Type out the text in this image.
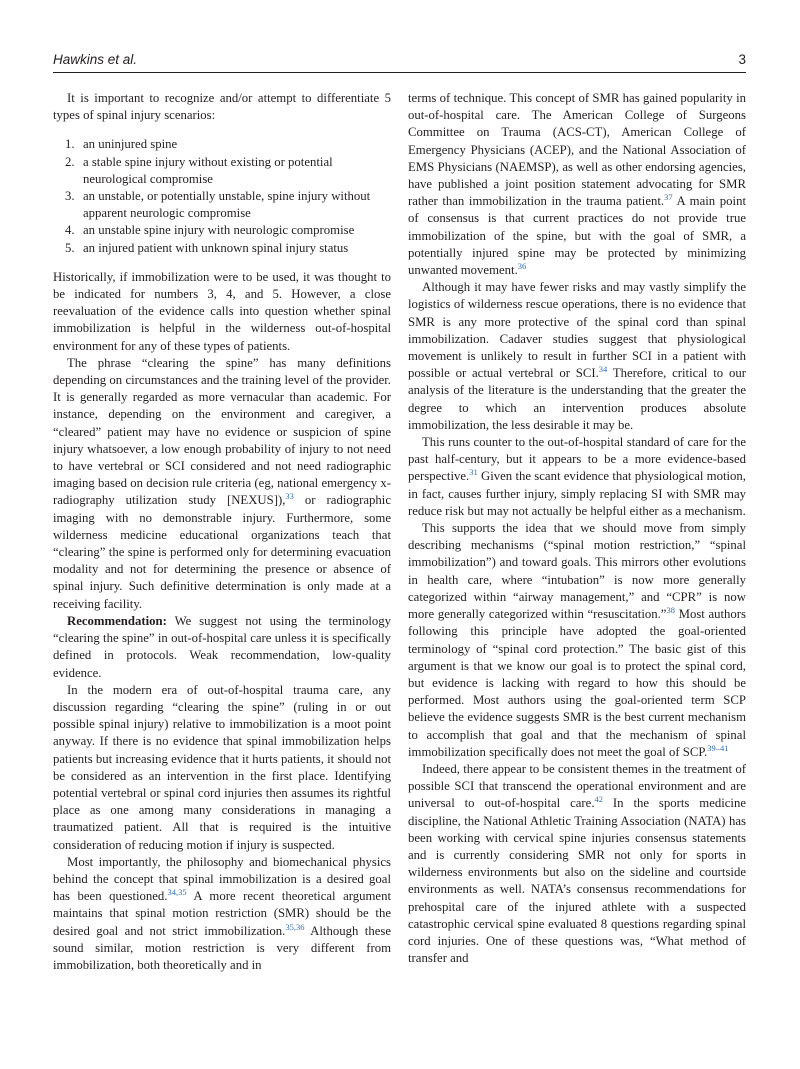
Hawkins et al.	3

It is important to recognize and/or attempt to differentiate 5 types of spinal injury scenarios:

1. an uninjured spine
2. a stable spine injury without existing or potential neurological compromise
3. an unstable, or potentially unstable, spine injury without apparent neurologic compromise
4. an unstable spine injury with neurologic compromise
5. an injured patient with unknown spinal injury status

Historically, if immobilization were to be used, it was thought to be indicated for numbers 3, 4, and 5. However, a close reevaluation of the evidence calls into question whether spinal immobilization is helpful in the wilderness out-of-hospital environment for any of these types of patients.

The phrase “clearing the spine” has many definitions depending on circumstances and the training level of the provider. It is generally regarded as more vernacular than academic. For instance, depending on the environment and caregiver, a “cleared” patient may have no evidence or suspicion of spine injury whatsoever, a low enough probability of injury to not need to have vertebral or SCI considered and not need radiographic imaging based on decision rule criteria (eg, national emergency x-radiography utilization study [NEXUS]),$^{33}$ or radiographic imaging with no demonstrable injury. Furthermore, some wilderness medicine educational organizations teach that “clearing” the spine is performed only for determining evacuation modality and not for determining the presence or absence of spinal injury. Such definitive determination is only made at a receiving facility.

Recommendation: We suggest not using the terminology “clearing the spine” in out-of-hospital care unless it is specifically defined in protocols. Weak recommendation, low-quality evidence.

In the modern era of out-of-hospital trauma care, any discussion regarding “clearing the spine” (ruling in or out possible spinal injury) relative to immobilization is a moot point anyway. If there is no evidence that spinal immobilization helps patients but increasing evidence that it hurts patients, it should not be considered as an intervention in the first place. Identifying potential vertebral or spinal cord injuries then assumes its rightful place as one among many considerations in managing a traumatized patient. All that is required is the intuitive consideration of reducing motion if injury is suspected.

Most importantly, the philosophy and biomechanical physics behind the concept that spinal immobilization is a desired goal has been questioned.$^{34,35}$ A more recent theoretical argument maintains that spinal motion restriction (SMR) should be the desired goal and not strict immobilization.$^{35,36}$ Although these sound similar, motion restriction is very different from immobilization, both theoretically and in

terms of technique. This concept of SMR has gained popularity in out-of-hospital care. The American College of Surgeons Committee on Trauma (ACS-CT), American College of Emergency Physicians (ACEP), and the National Association of EMS Physicians (NAEMSP), as well as other endorsing agencies, have published a joint position statement advocating for SMR rather than immobilization in the trauma patient.$^{37}$ A main point of consensus is that current practices do not provide true immobilization of the spine, but with the goal of SMR, a potentially injured spine may be protected by minimizing unwanted movement.$^{36}$

Although it may have fewer risks and may vastly simplify the logistics of wilderness rescue operations, there is no evidence that SMR is any more protective of the spinal cord than spinal immobilization. Cadaver studies suggest that physiological movement is unlikely to result in further SCI in a patient with possible or actual vertebral or SCI.$^{34}$ Therefore, critical to our analysis of the literature is the understanding that the greater the degree to which an intervention produces absolute immobilization, the less desirable it may be.

This runs counter to the out-of-hospital standard of care for the past half-century, but it appears to be a more evidence-based perspective.$^{31}$ Given the scant evidence that physiological motion, in fact, causes further injury, simply replacing SI with SMR may reduce risk but may not actually be helpful either as a mechanism.

This supports the idea that we should move from simply describing mechanisms (“spinal motion restriction,” “spinal immobilization”) and toward goals. This mirrors other evolutions in health care, where “intubation” is now more generally categorized within “airway management,” and “CPR” is now more generally categorized within “resuscitation.”$^{38}$ Most authors following this principle have adopted the goal-oriented terminology of “spinal cord protection.” The basic gist of this argument is that we know our goal is to protect the spinal cord, but evidence is lacking with regard to how this should be performed. Most authors using the goal-oriented term SCP believe the evidence suggests SMR is the best current mechanism to accomplish that goal and that the mechanism of spinal immobilization specifically does not meet the goal of SCP.$^{39-41}$

Indeed, there appear to be consistent themes in the treatment of possible SCI that transcend the operational environment and are universal to out-of-hospital care.$^{42}$ In the sports medicine discipline, the National Athletic Training Association (NATA) has been working with cervical spine injuries consensus statements and is currently considering SMR not only for sports in wilderness environments but also on the sideline and courtside environments as well. NATA’s consensus recommendations for prehospital care of the injured athlete with a suspected catastrophic cervical spine evaluated 8 questions regarding spinal cord injuries. One of these questions was, “What method of transfer and
